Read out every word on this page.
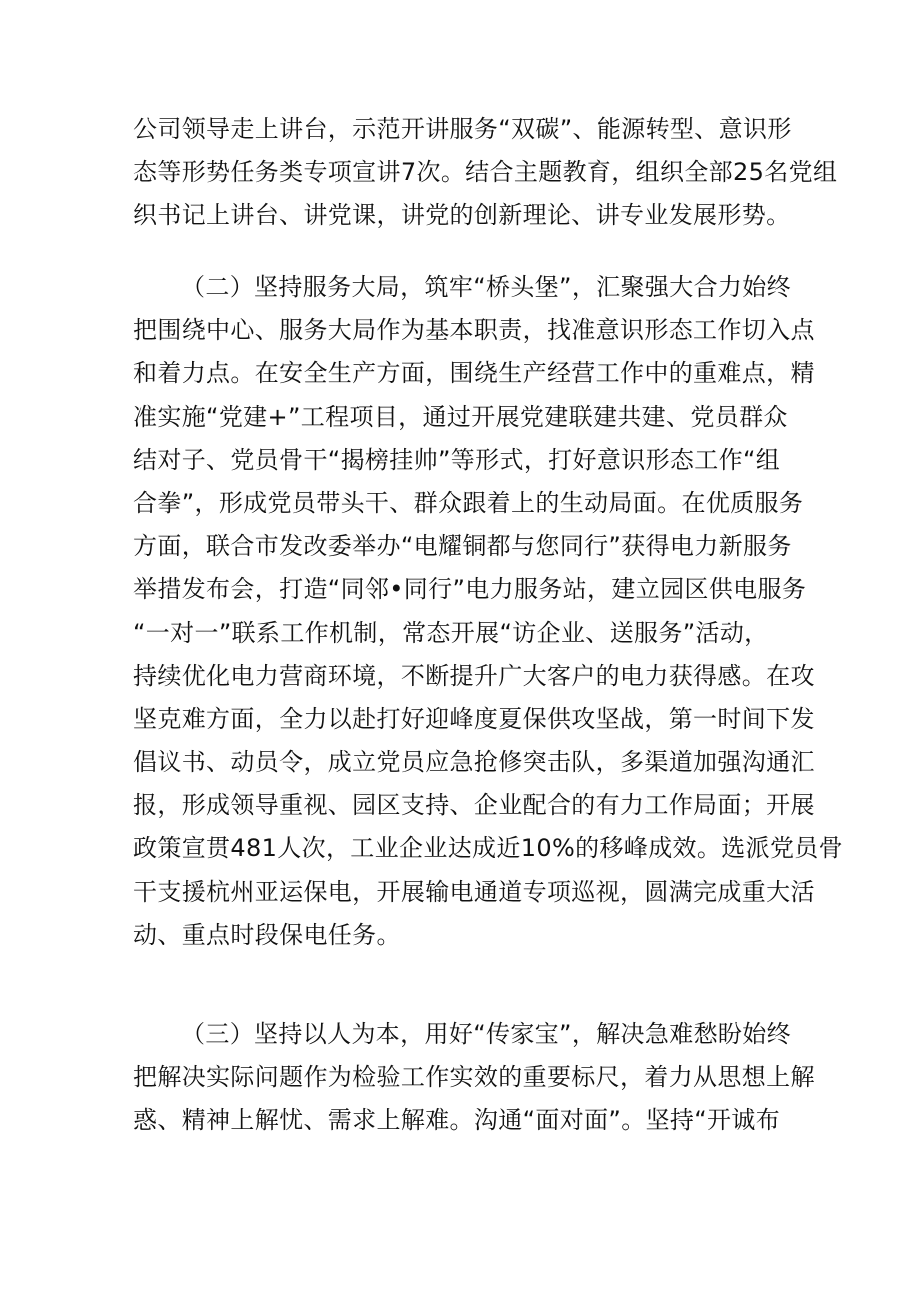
公司领导走上讲台，示范开讲服务“双碳”、能源转型、意识形
态等形势任务类专项宣讲7次。结合主题教育，组织全部25名党组
织书记上讲台、讲党课，讲党的创新理论、讲专业发展形势。
（二）坚持服务大局，筑牢“桥头堡”，汇聚强大合力始终
把围绕中心、服务大局作为基本职责，找准意识形态工作切入点
和着力点。在安全生产方面，围绕生产经营工作中的重难点，精
准实施“党建+”工程项目，通过开展党建联建共建、党员群众
结对子、党员骨干“揭榜挂帅”等形式，打好意识形态工作“组
合拳”，形成党员带头干、群众跟着上的生动局面。在优质服务
方面，联合市发改委举办“电耀铜都与您同行”获得电力新服务
举措发布会，打造“同邻•同行”电力服务站，建立园区供电服务
“一对一”联系工作机制，常态开展“访企业、送服务”活动，
持续优化电力营商环境，不断提升广大客户的电力获得感。在攻
坚克难方面，全力以赴打好迎峰度夏保供攻坚战，第一时间下发
倡议书、动员令，成立党员应急抢修突击队，多渠道加强沟通汇
报，形成领导重视、园区支持、企业配合的有力工作局面；开展
政策宣贯481人次，工业企业达成近10%的移峰成效。选派党员骨
干支援杭州亚运保电，开展输电通道专项巡视，圆满完成重大活
动、重点时段保电任务。
（三）坚持以人为本，用好“传家宝”，解决急难愁盼始终
把解决实际问题作为检验工作实效的重要标尺，着力从思想上解
惑、精神上解忧、需求上解难。沟通“面对面”。坚持“开诚布
